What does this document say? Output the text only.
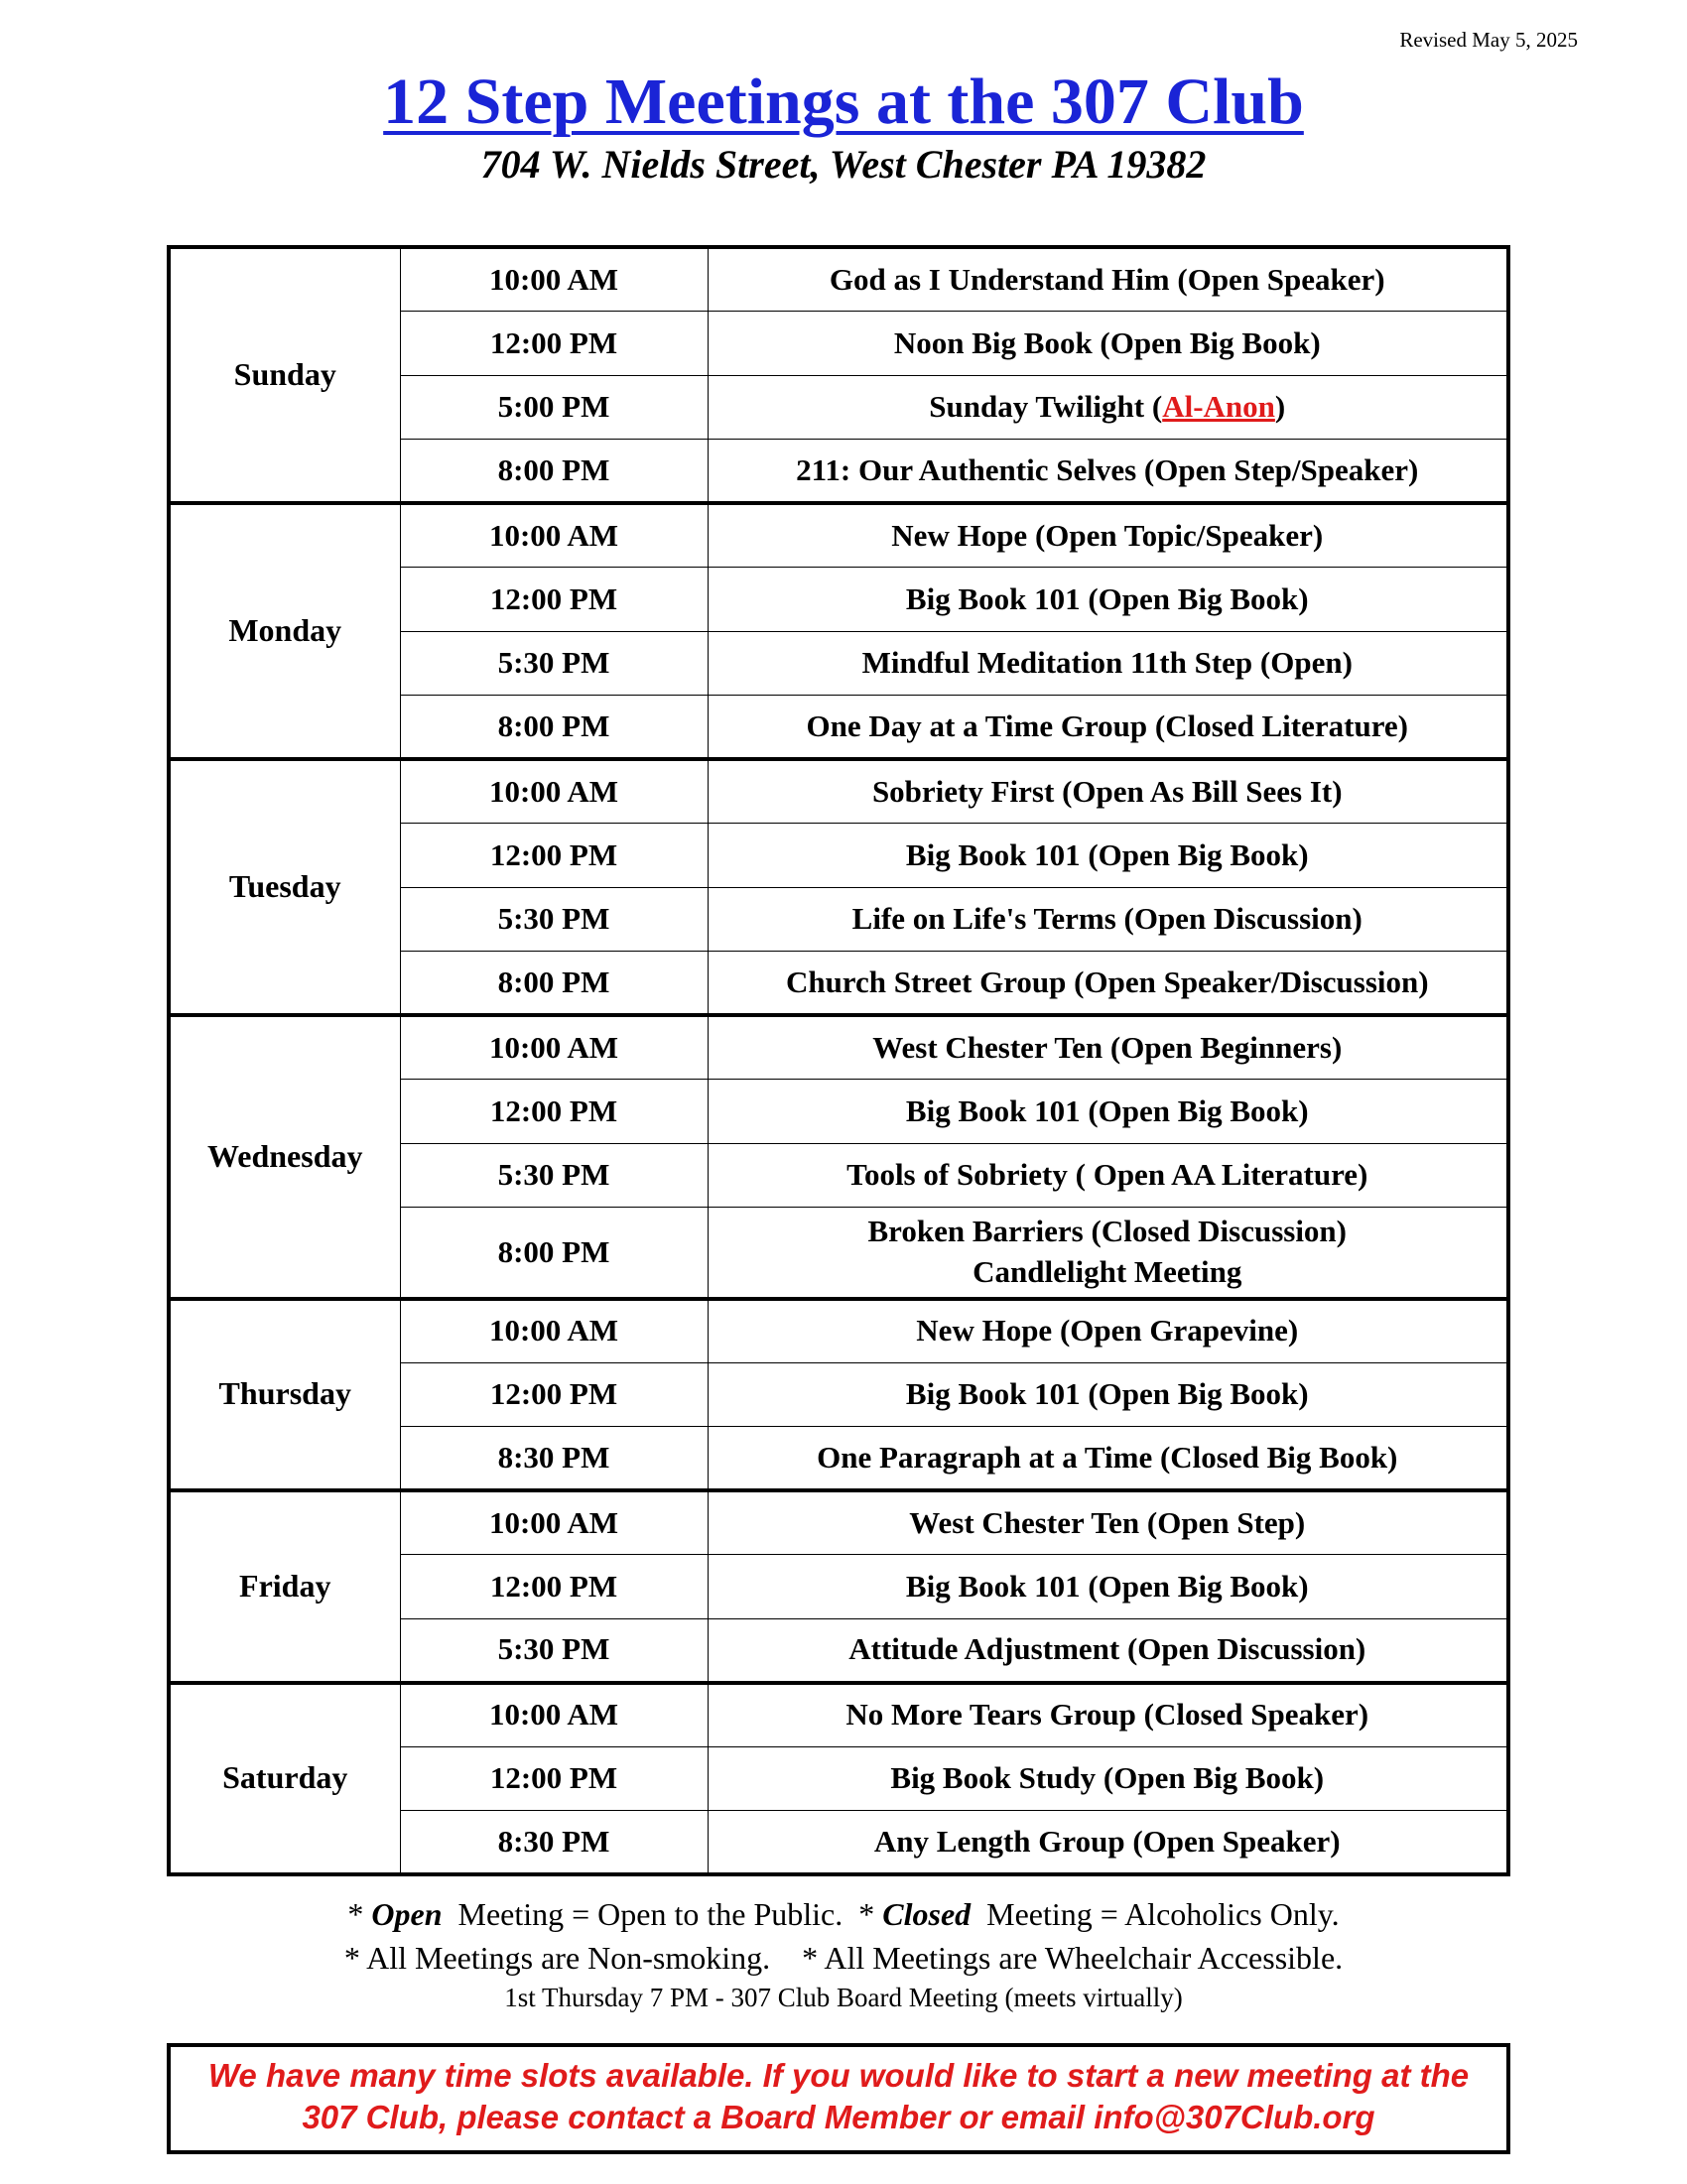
Revised May 5, 2025
12 Step Meetings at the 307 Club
704 W. Nields Street, West Chester PA 19382
Sunday	10:00 AM	God as I Understand Him (Open Speaker)
	12:00 PM	Noon Big Book (Open Big Book)
	5:00 PM	Sunday Twilight (Al-Anon)
	8:00 PM	211: Our Authentic Selves (Open Step/Speaker)
Monday	10:00 AM	New Hope (Open Topic/Speaker)
	12:00 PM	Big Book 101 (Open Big Book)
	5:30 PM	Mindful Meditation 11th Step (Open)
	8:00 PM	One Day at a Time Group (Closed Literature)
Tuesday	10:00 AM	Sobriety First (Open As Bill Sees It)
	12:00 PM	Big Book 101 (Open Big Book)
	5:30 PM	Life on Life's Terms (Open Discussion)
	8:00 PM	Church Street Group (Open Speaker/Discussion)
Wednesday	10:00 AM	West Chester Ten (Open Beginners)
	12:00 PM	Big Book 101 (Open Big Book)
	5:30 PM	Tools of Sobriety ( Open AA Literature)
	8:00 PM	Broken Barriers (Closed Discussion)
Candlelight Meeting

Thursday	10:00 AM	New Hope (Open Grapevine)
	12:00 PM	Big Book 101 (Open Big Book)
	8:30 PM	One Paragraph at a Time (Closed Big Book)
Friday	10:00 AM	West Chester Ten (Open Step)
	12:00 PM	Big Book 101 (Open Big Book)
	5:30 PM	Attitude Adjustment (Open Discussion)
Saturday	10:00 AM	No More Tears Group (Closed Speaker)
	12:00 PM	Big Book Study (Open Big Book)
	8:30 PM	Any Length Group (Open Speaker)
* Open  Meeting = Open to the Public.  * Closed  Meeting = Alcoholics Only.
* All Meetings are Non-smoking.    * All Meetings are Wheelchair Accessible.
1st Thursday 7 PM - 307 Club Board Meeting (meets virtually)
We have many time slots available. If you would like to start a new meeting at the
307 Club, please contact a Board Member or email info@307Club.org
